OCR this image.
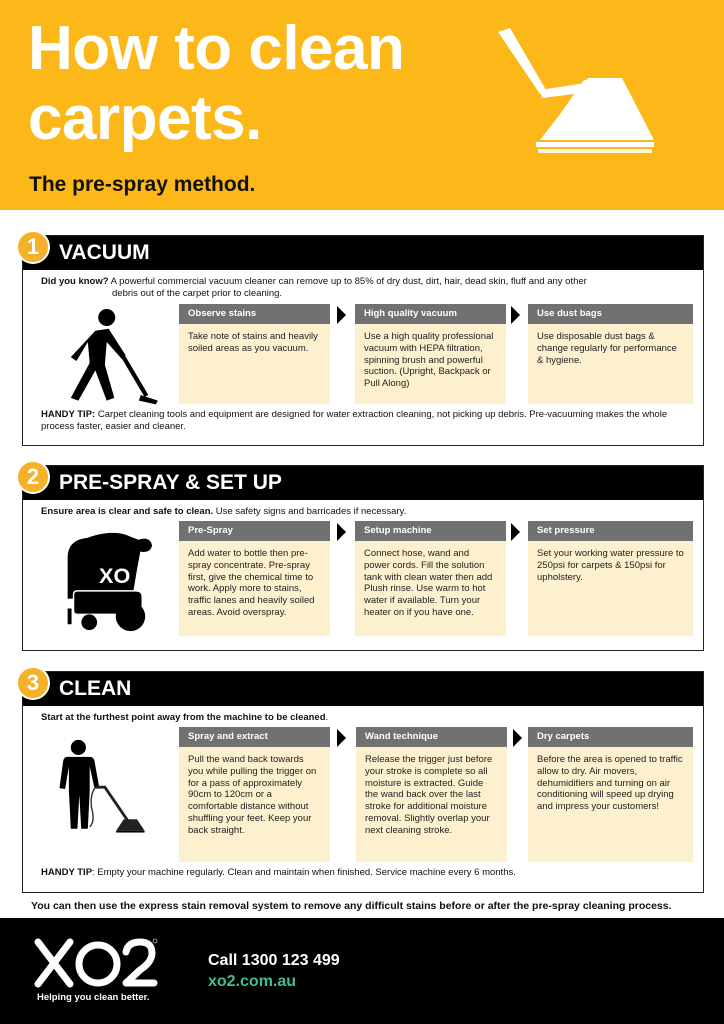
How to clean
carpets.
The pre-spray method.
1 VACUUM
Did you know? A powerful commercial vacuum cleaner can remove up to 85% of dry dust, dirt, hair, dead skin, fluff and any other
debris out of the carpet prior to cleaning.
Observe stains
Take note of stains and heavily soiled areas as you vacuum.
High quality vacuum
Use a high quality professional vacuum with HEPA filtration, spinning brush and powerful suction. (Upright, Backpack or Pull Along)
Use dust bags
Use disposable dust bags & change regularly for performance & hygiene.
HANDY TIP: Carpet cleaning tools and equipment are designed for water extraction cleaning, not picking up debris. Pre-vacuuming makes the whole process faster, easier and cleaner.
2 PRE-SPRAY & SET UP
Ensure area is clear and safe to clean. Use safety signs and barricades if necessary.
XO
Pre-Spray
Add water to bottle then pre-spray concentrate. Pre-spray first, give the chemical time to work. Apply more to stains, traffic lanes and heavily soiled areas. Avoid overspray.
Setup machine
Connect hose, wand and power cords. Fill the solution tank with clean water then add Plush rinse. Use warm to hot water if available. Turn your heater on if you have one.
Set pressure
Set your working water pressure to 250psi for carpets & 150psi for upholstery.
3 CLEAN
Start at the furthest point away from the machine to be cleaned.
Spray and extract
Pull the wand back towards you while pulling the trigger on for a pass of approximately 90cm to 120cm or a comfortable distance without shuffling your feet. Keep your back straight.
Wand technique
Release the trigger just before your stroke is complete so all moisture is extracted. Guide the wand back over the last stroke for additional moisture removal. Slightly overlap your next cleaning stroke.
Dry carpets
Before the area is opened to traffic allow to dry. Air movers, dehumidifiers and turning on air conditioning will speed up drying and impress your customers!
HANDY TIP: Empty your machine regularly. Clean and maintain when finished. Service machine every 6 months.
You can then use the express stain removal system to remove any difficult stains before or after the pre-spray cleaning process.
Helping you clean better.
Call 1300 123 499
xo2.com.au
